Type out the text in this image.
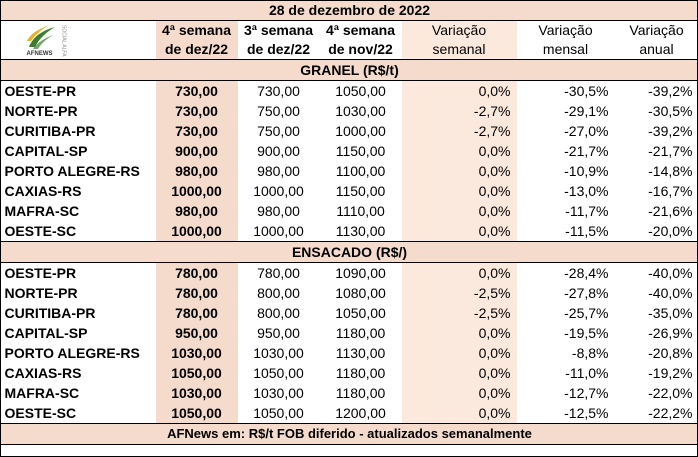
28 de dezembro de 2022						

AFNEWS SOCIAL ALFA	4ª semana	3ª semana	4ª semana	Variação	Variação	Variação
	de dez/22	de dez/22	de nov/22	semanal	mensal	anual
GRANEL (R$/t)						
OESTE-PR	730,00	730,00	1050,00	0,0%	-30,5%	-39,2%
NORTE-PR	730,00	750,00	1030,00	-2,7%	-29,1%	-30,5%
CURITIBA-PR	730,00	750,00	1000,00	-2,7%	-27,0%	-39,2%
CAPITAL-SP	900,00	900,00	1150,00	0,0%	-21,7%	-21,7%
PORTO ALEGRE-RS	980,00	980,00	1100,00	0,0%	-10,9%	-14,8%
CAXIAS-RS	1000,00	1000,00	1150,00	0,0%	-13,0%	-16,7%
MAFRA-SC	980,00	980,00	1110,00	0,0%	-11,7%	-21,6%
OESTE-SC	1000,00	1000,00	1130,00	0,0%	-11,5%	-20,0%
ENSACADO (R$/)						
OESTE-PR	780,00	780,00	1090,00	0,0%	-28,4%	-40,0%
NORTE-PR	780,00	800,00	1080,00	-2,5%	-27,8%	-40,0%
CURITIBA-PR	780,00	800,00	1050,00	-2,5%	-25,7%	-35,0%
CAPITAL-SP	950,00	950,00	1180,00	0,0%	-19,5%	-26,9%
PORTO ALEGRE-RS	1030,00	1030,00	1130,00	0,0%	-8,8%	-20,8%
CAXIAS-RS	1050,00	1050,00	1180,00	0,0%	-11,0%	-19,2%
MAFRA-SC	1030,00	1030,00	1180,00	0,0%	-12,7%	-22,0%
OESTE-SC	1050,00	1050,00	1200,00	0,0%	-12,5%	-22,2%
AFNews em: R$/t FOB diferido - atualizados semanalmente						
